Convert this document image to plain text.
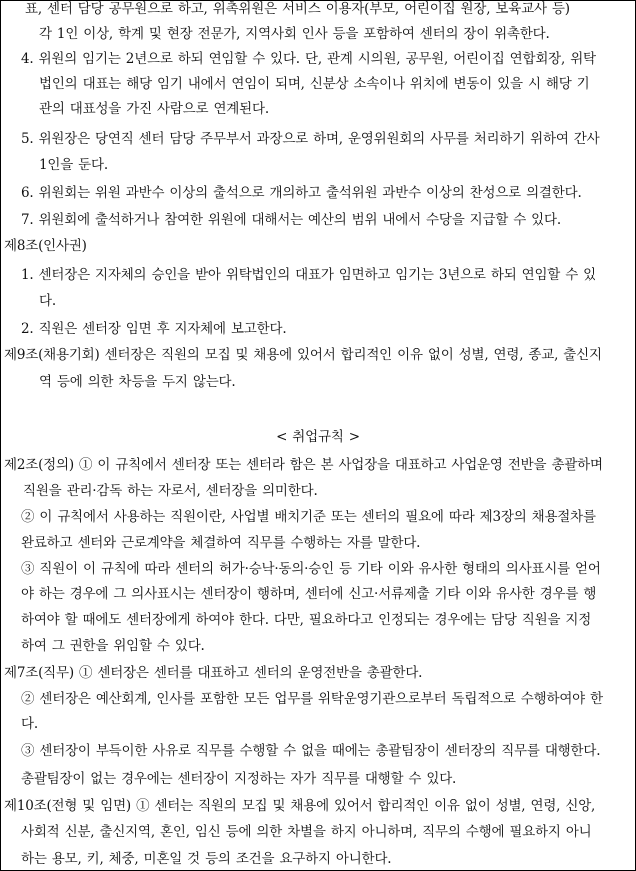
표, 센터 담당 공무원으로 하고, 위촉위원은 서비스 이용자(부모, 어린이집 원장, 보육교사 등)
각 1인 이상, 학계 및 현장 전문가, 지역사회 인사 등을 포함하여 센터의 장이 위촉한다.
4. 위원의 임기는 2년으로 하되 연임할 수 있다. 단, 관계 시의원, 공무원, 어린이집 연합회장, 위탁
법인의 대표는 해당 임기 내에서 연임이 되며, 신분상 소속이나 위치에 변동이 있을 시 해당 기
관의 대표성을 가진 사람으로 연계된다.
5. 위원장은 당연직 센터 담당 주무부서 과장으로 하며, 운영위원회의 사무를 처리하기 위하여 간사
1인을 둔다.
6. 위원회는 위원 과반수 이상의 출석으로 개의하고 출석위원 과반수 이상의 찬성으로 의결한다.
7. 위원회에 출석하거나 참여한 위원에 대해서는 예산의 범위 내에서 수당을 지급할 수 있다.
제8조(인사권)
1. 센터장은 지자체의 승인을 받아 위탁법인의 대표가 임면하고 임기는 3년으로 하되 연임할 수 있
다.
2. 직원은 센터장 임면 후 지자체에 보고한다.
제9조(채용기회) 센터장은 직원의 모집 및 채용에 있어서 합리적인 이유 없이 성별, 연령, 종교, 출신지
역 등에 의한 차등을 두지 않는다.
< 취업규칙 >
제2조(정의) ① 이 규칙에서 센터장 또는 센터라 함은 본 사업장을 대표하고 사업운영 전반을 총괄하며
직원을 관리·감독 하는 자로서, 센터장을 의미한다.
② 이 규칙에서 사용하는 직원이란, 사업별 배치기준 또는 센터의 필요에 따라 제3장의 채용절차를
완료하고 센터와 근로계약을 체결하여 직무를 수행하는 자를 말한다.
③ 직원이 이 규칙에 따라 센터의 허가·승낙·동의·승인 등 기타 이와 유사한 형태의 의사표시를 얻어
야 하는 경우에 그 의사표시는 센터장이 행하며, 센터에 신고·서류제출 기타 이와 유사한 경우를 행
하여야 할 때에도 센터장에게 하여야 한다. 다만, 필요하다고 인정되는 경우에는 담당 직원을 지정
하여 그 권한을 위임할 수 있다.
제7조(직무) ① 센터장은 센터를 대표하고 센터의 운영전반을 총괄한다.
② 센터장은 예산회계, 인사를 포함한 모든 업무를 위탁운영기관으로부터 독립적으로 수행하여야 한
다.
③ 센터장이 부득이한 사유로 직무를 수행할 수 없을 때에는 총괄팀장이 센터장의 직무를 대행한다.
총괄팀장이 없는 경우에는 센터장이 지정하는 자가 직무를 대행할 수 있다.
제10조(전형 및 임면) ① 센터는 직원의 모집 및 채용에 있어서 합리적인 이유 없이 성별, 연령, 신앙,
사회적 신분, 출신지역, 혼인, 임신 등에 의한 차별을 하지 아니하며, 직무의 수행에 필요하지 아니
하는 용모, 키, 체중, 미혼일 것 등의 조건을 요구하지 아니한다.
